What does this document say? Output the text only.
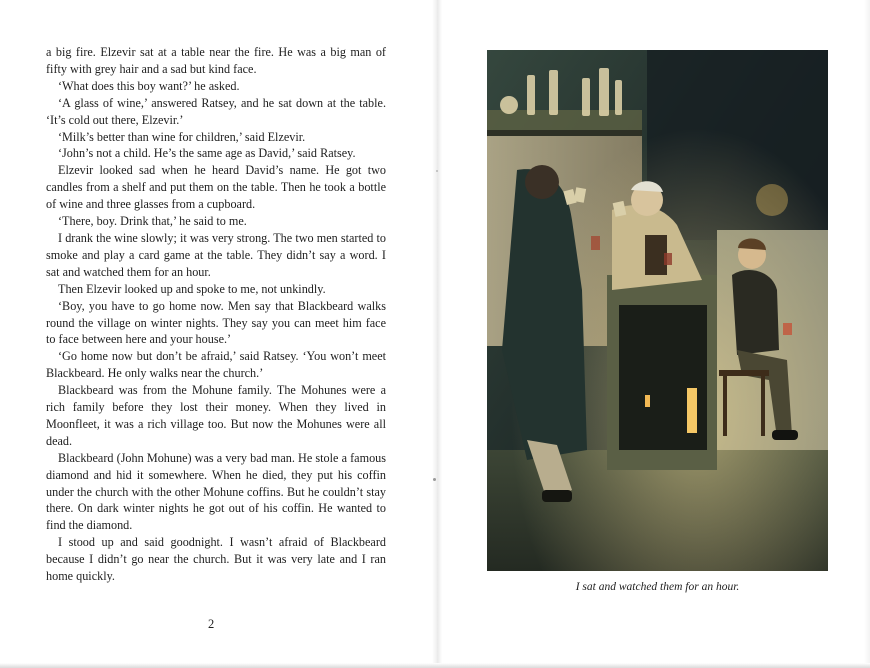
a big fire. Elzevir sat at a table near the fire. He was a big man of fifty with grey hair and a sad but kind face.

‘What does this boy want?’ he asked.

‘A glass of wine,’ answered Ratsey, and he sat down at the table. ‘It’s cold out there, Elzevir.’

‘Milk’s better than wine for children,’ said Elzevir.

‘John’s not a child. He’s the same age as David,’ said Ratsey.

Elzevir looked sad when he heard David’s name. He got two candles from a shelf and put them on the table. Then he took a bottle of wine and three glasses from a cupboard.

‘There, boy. Drink that,’ he said to me.

I drank the wine slowly; it was very strong. The two men started to smoke and play a card game at the table. They didn’t say a word. I sat and watched them for an hour.

Then Elzevir looked up and spoke to me, not unkindly.

‘Boy, you have to go home now. Men say that Blackbeard walks round the village on winter nights. They say you can meet him face to face between here and your house.’

‘Go home now but don’t be afraid,’ said Ratsey. ‘You won’t meet Blackbeard. He only walks near the church.’

Blackbeard was from the Mohune family. The Mohunes were a rich family before they lost their money. When they lived in Moonfleet, it was a rich village too. But now the Mohunes were all dead.

Blackbeard (John Mohune) was a very bad man. He stole a famous diamond and hid it somewhere. When he died, they put his coffin under the church with the other Mohune coffins. But he couldn’t stay there. On dark winter nights he got out of his coffin. He wanted to find the diamond.

I stood up and said goodnight. I wasn’t afraid of Blackbeard because I didn’t go near the church. But it was very late and I ran home quickly.

2
I sat and watched them for an hour.
